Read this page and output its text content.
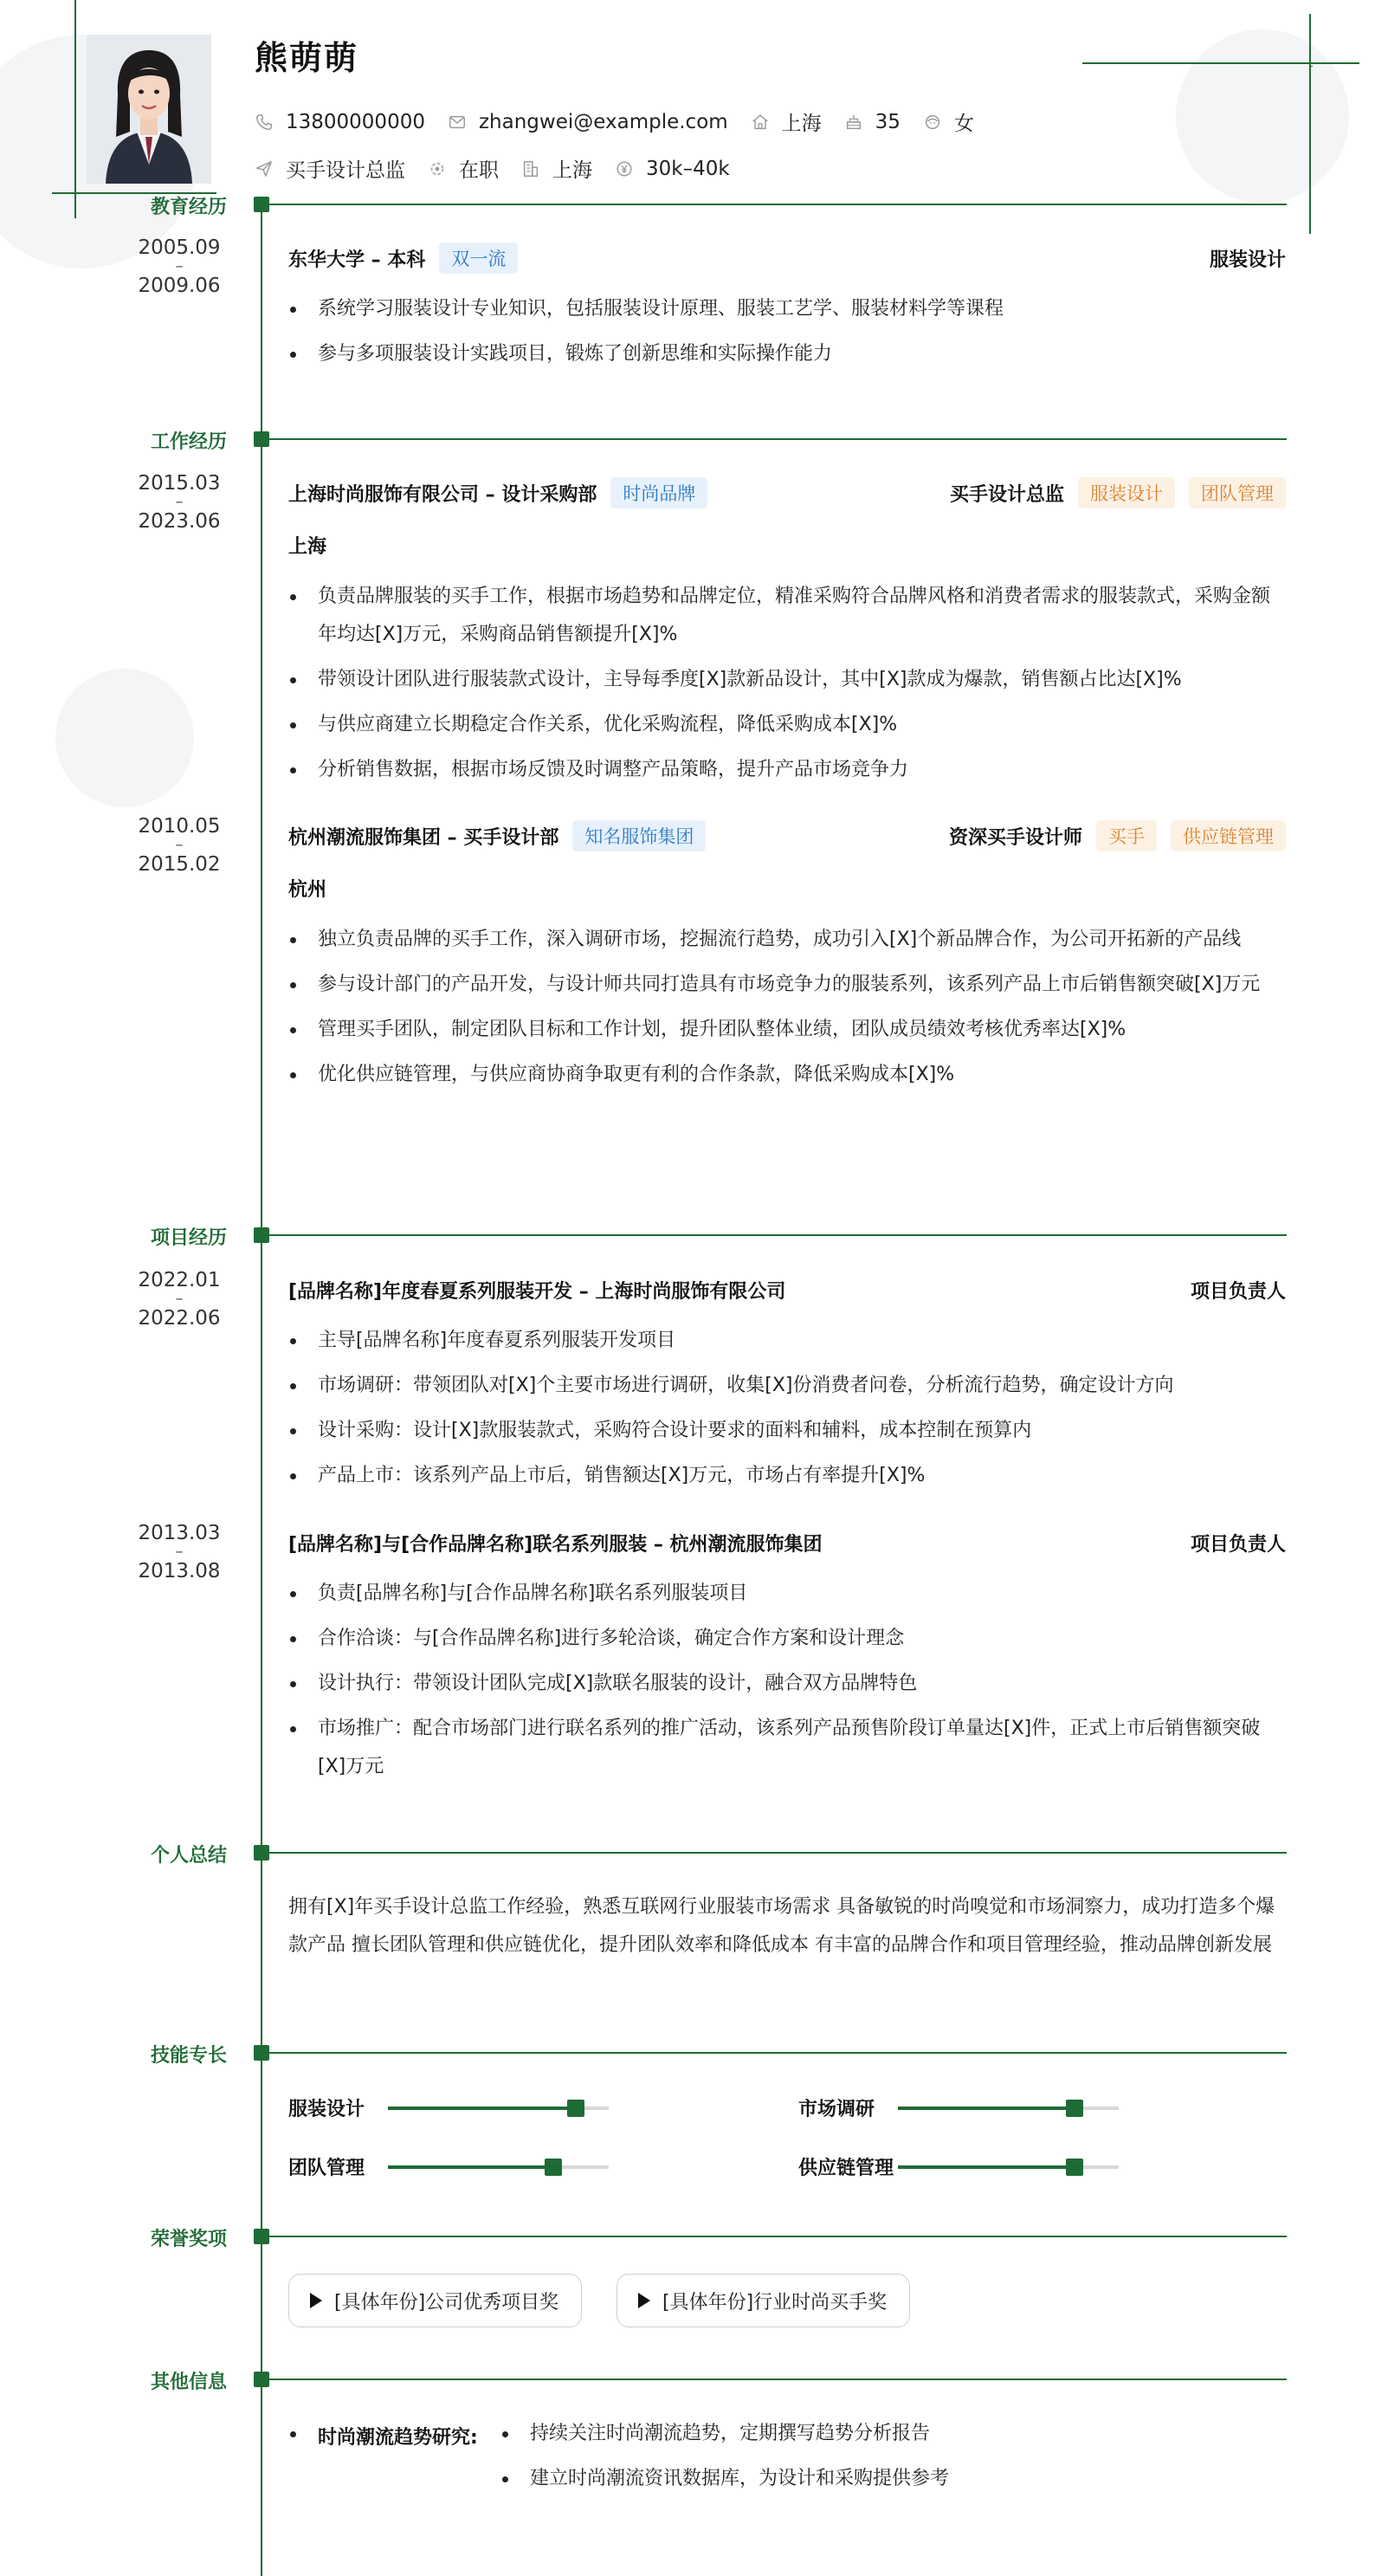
熊萌萌
13800000000	zhangwei@example.com	上海	35	女
买手设计总监	在职	上海	30k–40k
教育经历
2005.09
–
2009.06
东华大学 – 本科	双一流	服装设计
系统学习服装设计专业知识，包括服装设计原理、服装工艺学、服装材料学等课程
参与多项服装设计实践项目，锻炼了创新思维和实际操作能力
工作经历
2015.03
–
2023.06
上海时尚服饰有限公司 – 设计采购部	时尚品牌	买手设计总监	服装设计	团队管理
上海
负责品牌服装的买手工作，根据市场趋势和品牌定位，精准采购符合品牌风格和消费者需求的服装款式，采购金额年均达[X]万元，采购商品销售额提升[X]%
带领设计团队进行服装款式设计，主导每季度[X]款新品设计，其中[X]款成为爆款，销售额占比达[X]%
与供应商建立长期稳定合作关系，优化采购流程，降低采购成本[X]%
分析销售数据，根据市场反馈及时调整产品策略，提升产品市场竞争力
2010.05
–
2015.02
杭州潮流服饰集团 – 买手设计部	知名服饰集团	资深买手设计师	买手	供应链管理
杭州
独立负责品牌的买手工作，深入调研市场，挖掘流行趋势，成功引入[X]个新品牌合作，为公司开拓新的产品线
参与设计部门的产品开发，与设计师共同打造具有市场竞争力的服装系列，该系列产品上市后销售额突破[X]万元
管理买手团队，制定团队目标和工作计划，提升团队整体业绩，团队成员绩效考核优秀率达[X]%
优化供应链管理，与供应商协商争取更有利的合作条款，降低采购成本[X]%
项目经历
2022.01
–
2022.06
[品牌名称]年度春夏系列服装开发 – 上海时尚服饰有限公司	项目负责人
主导[品牌名称]年度春夏系列服装开发项目
市场调研：带领团队对[X]个主要市场进行调研，收集[X]份消费者问卷，分析流行趋势，确定设计方向
设计采购：设计[X]款服装款式，采购符合设计要求的面料和辅料，成本控制在预算内
产品上市：该系列产品上市后，销售额达[X]万元，市场占有率提升[X]%
2013.03
–
2013.08
[品牌名称]与[合作品牌名称]联名系列服装 – 杭州潮流服饰集团	项目负责人
负责[品牌名称]与[合作品牌名称]联名系列服装项目
合作洽谈：与[合作品牌名称]进行多轮洽谈，确定合作方案和设计理念
设计执行：带领设计团队完成[X]款联名服装的设计，融合双方品牌特色
市场推广：配合市场部门进行联名系列的推广活动，该系列产品预售阶段订单量达[X]件，正式上市后销售额突破[X]万元
个人总结
拥有[X]年买手设计总监工作经验，熟悉互联网行业服装市场需求 具备敏锐的时尚嗅觉和市场洞察力，成功打造多个爆款产品 擅长团队管理和供应链优化，提升团队效率和降低成本 有丰富的品牌合作和项目管理经验，推动品牌创新发展
技能专长
服装设计	市场调研
团队管理	供应链管理
荣誉奖项
[具体年份]公司优秀项目奖	[具体年份]行业时尚买手奖
其他信息
时尚潮流趋势研究:	持续关注时尚潮流趋势，定期撰写趋势分析报告
建立时尚潮流资讯数据库，为设计和采购提供参考
